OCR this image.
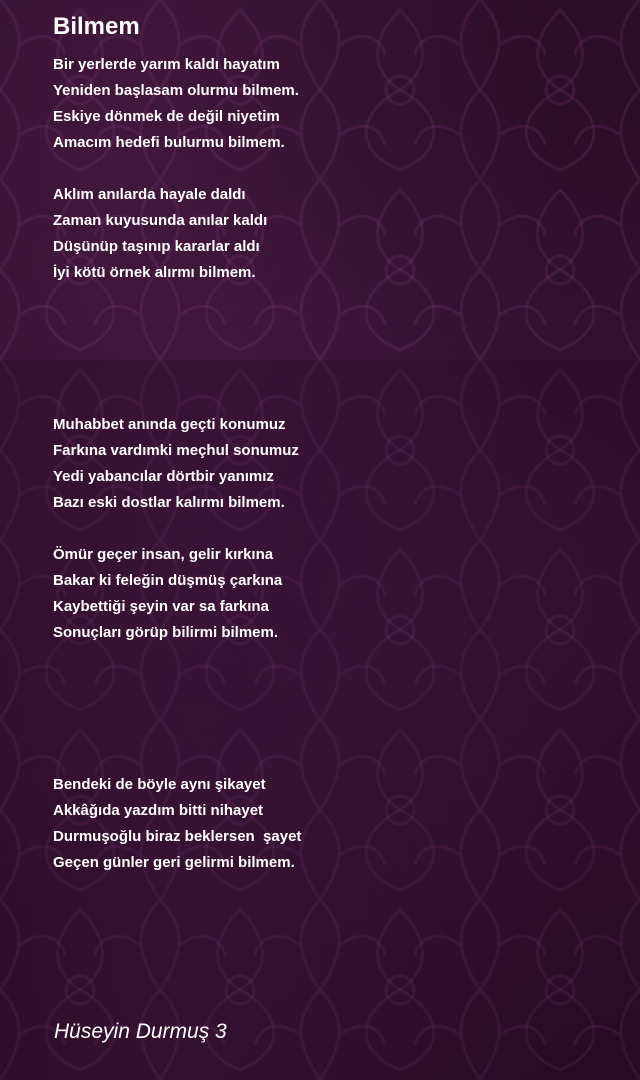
Bilmem
Bir yerlerde yarım kaldı hayatım
Yeniden başlasam olurmu bilmem.
Eskiye dönmek de değil niyetim
Amacım hedefi bulurmu bilmem.
Aklım anılarda hayale daldı
Zaman kuyusunda anılar kaldı
Düşünüp taşınıp kararlar aldı
İyi kötü örnek alırmı bilmem.
Muhabbet anında geçti konumuz
Farkına vardımki meçhul sonumuz
Yedi yabancılar dörtbir yanımız
Bazı eski dostlar kalırmı bilmem.
Ömür geçer insan, gelir kırkına
Bakar ki feleğin düşmüş çarkına
Kaybettiği şeyin var sa farkına
Sonuçları görüp bilirmi bilmem.
Bendeki de böyle aynı şikayet
Akkâğıda yazdım bitti nihayet
Durmuşoğlu biraz beklersen  şayet
Geçen günler geri gelirmi bilmem.
Hüseyin Durmuş 3
